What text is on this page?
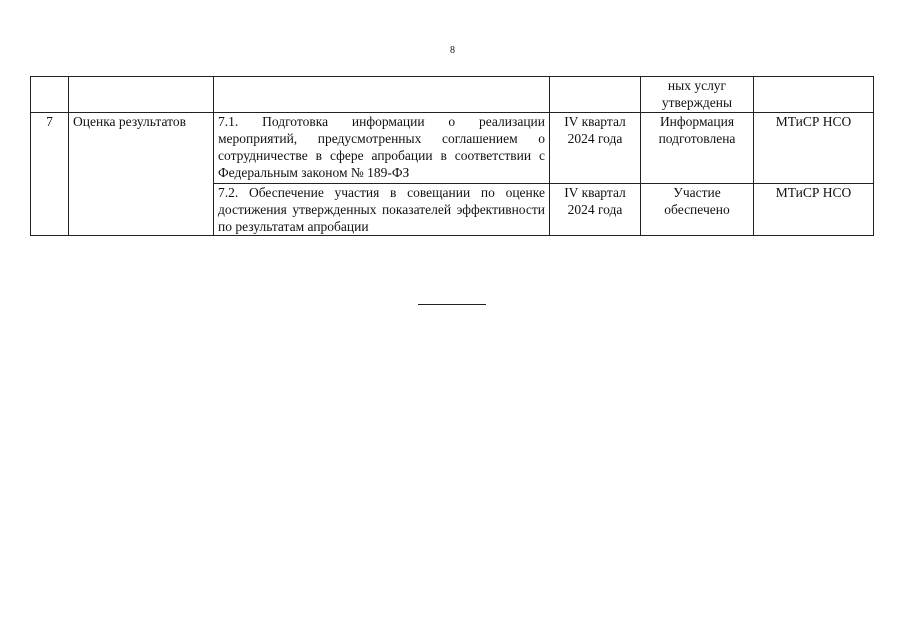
8
				ных услуг утверждены	
7	Оценка результатов	7.1. Подготовка информации о реализации мероприятий, предусмотренных соглашением о сотрудничестве в сфере апробации в соответствии с Федеральным законом № 189-ФЗ	IV квартал 2024 года	Информация подготовлена	МТиСР НСО
		7.2. Обеспечение участия в совещании по оценке достижения утвержденных показателей эффективности по результатам апробации	IV квартал 2024 года	Участие обеспечено	МТиСР НСО
